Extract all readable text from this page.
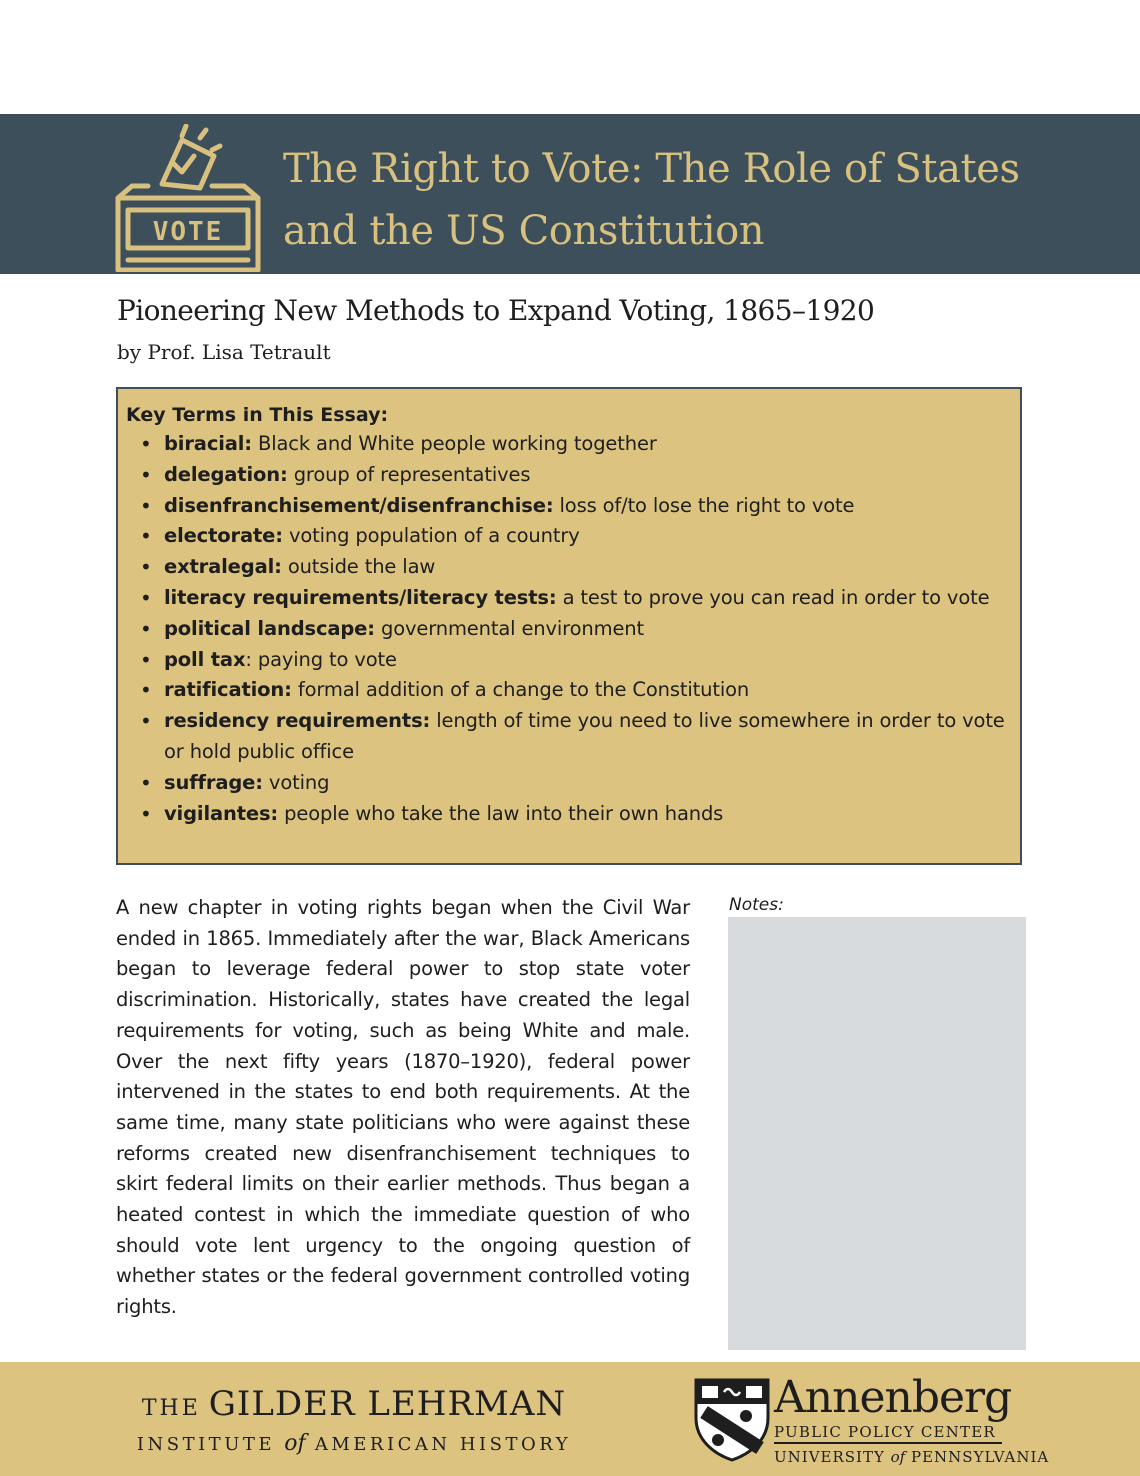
VOTE
The Right to Vote: The Role of States
and the US Constitution
Pioneering New Methods to Expand Voting, 1865–1920
by Prof. Lisa Tetrault
Key Terms in This Essay:
• biracial: Black and White people working together
• delegation: group of representatives
• disenfranchisement/disenfranchise: loss of/to lose the right to vote
• electorate: voting population of a country
• extralegal: outside the law
• literacy requirements/literacy tests: a test to prove you can read in order to vote
• political landscape: governmental environment
• poll tax: paying to vote
• ratification: formal addition of a change to the Constitution
• residency requirements: length of time you need to live somewhere in order to vote or hold public office
• suffrage: voting
• vigilantes: people who take the law into their own hands

A new chapter in voting rights began when the Civil War ended in 1865. Immediately after the war, Black Americans began to leverage federal power to stop state voter discrimination. Historically, states have created the legal requirements for voting, such as being White and male. Over the next fifty years (1870–1920), federal power intervened in the states to end both requirements. At the same time, many state politicians who were against these reforms created new disenfranchisement techniques to skirt federal limits on their earlier methods. Thus began a heated contest in which the immediate question of who should vote lent urgency to the ongoing question of whether states or the federal government controlled voting rights.

Notes:
THE GILDER LEHRMAN
INSTITUTE of AMERICAN HISTORY
Annenberg
PUBLIC POLICY CENTER
UNIVERSITY of PENNSYLVANIA
